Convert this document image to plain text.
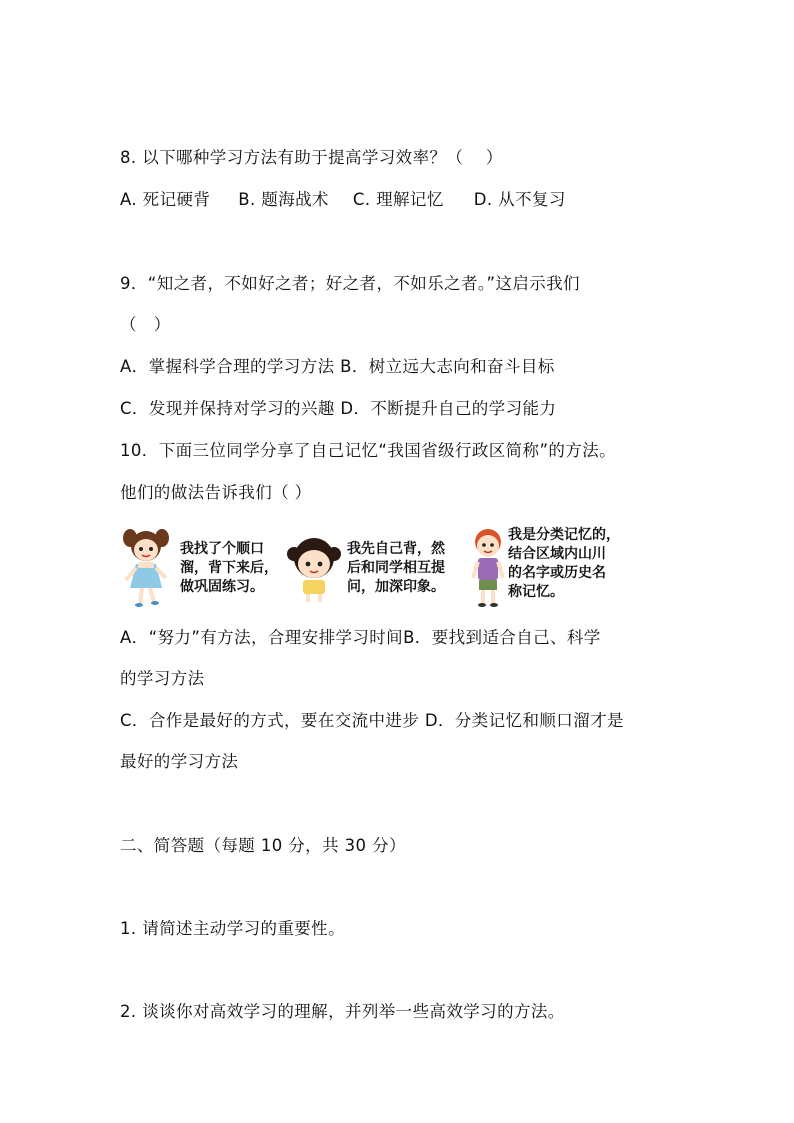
8. 以下哪种学习方法有助于提高学习效率？（　 ）

A. 死记硬背 B. 题海战术 C. 理解记忆 D. 从不复习

9．“知之者，不如好之者；好之者，不如乐之者。”这启示我们

（　）

A．掌握科学合理的学习方法 B．树立远大志向和奋斗目标

C．发现并保持对学习的兴趣 D．不断提升自己的学习能力

10．下面三位同学分享了自己记忆“我国省级行政区简称”的方法。

他们的做法告诉我们（ ）

我找了个顺口
溜，背下来后，
做巩固练习。
我先自己背，然
后和同学相互提
问，加深印象。
我是分类记忆的，
结合区域内山川
的名字或历史名
称记忆。

A．“努力”有方法，合理安排学习时间B．要找到适合自己、科学

的学习方法

C．合作是最好的方式，要在交流中进步 D．分类记忆和顺口溜才是

最好的学习方法

二、简答题（每题 10 分，共 30 分）

1. 请简述主动学习的重要性。

2. 谈谈你对高效学习的理解，并列举一些高效学习的方法。
